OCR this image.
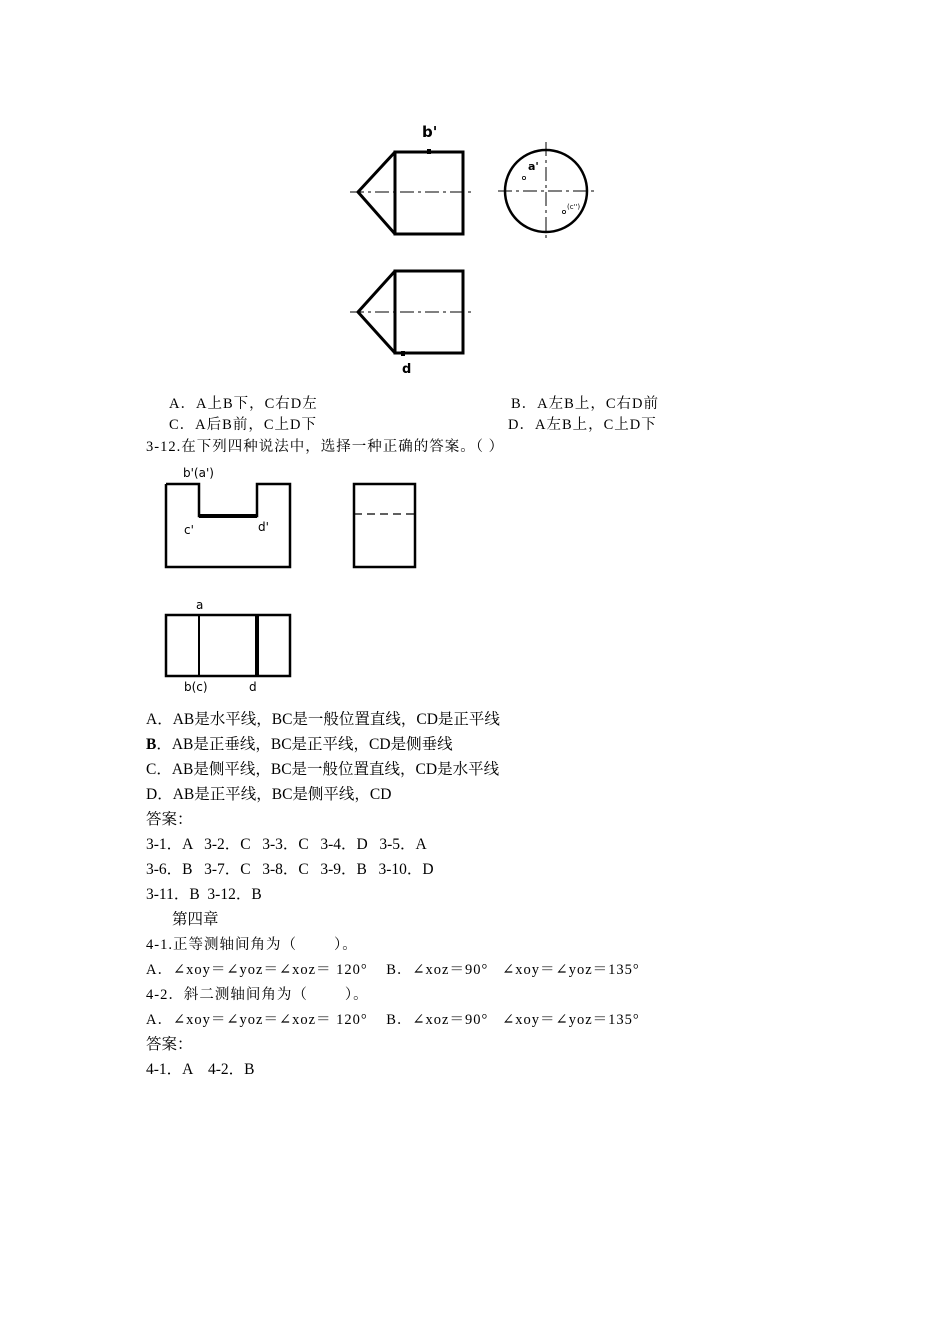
b'
a'
(c'')
d
A．A上B下，C右D左	B．A左B上，C右D前
C．A后B前，C上D下	D．A左B上，C上D下
3-12.在下列四种说法中，选择一种正确的答案。（ ）
b'(a')
c'	d'
a
b(c)	d
A．AB是水平线，BC是一般位置直线，CD是正平线
B．AB是正垂线，BC是正平线，CD是侧垂线
C．AB是侧平线，BC是一般位置直线，CD是水平线
D．AB是正平线，BC是侧平线，CD
答案：
3-1．A   3-2．C   3-3．C   3-4．D   3-5．A
3-6．B   3-7．C   3-8．C   3-9．B   3-10．D
3-11．B  3-12．B
第四章
4-1.正等测轴间角为（        ）。
A．∠xoy＝∠yoz＝∠xoz＝ 120°    B．∠xoz＝90°   ∠xoy＝∠yoz＝135°
4-2．斜二测轴间角为（        ）。
A．∠xoy＝∠yoz＝∠xoz＝ 120°    B．∠xoz＝90°   ∠xoy＝∠yoz＝135°
答案：
4-1．A    4-2．B
